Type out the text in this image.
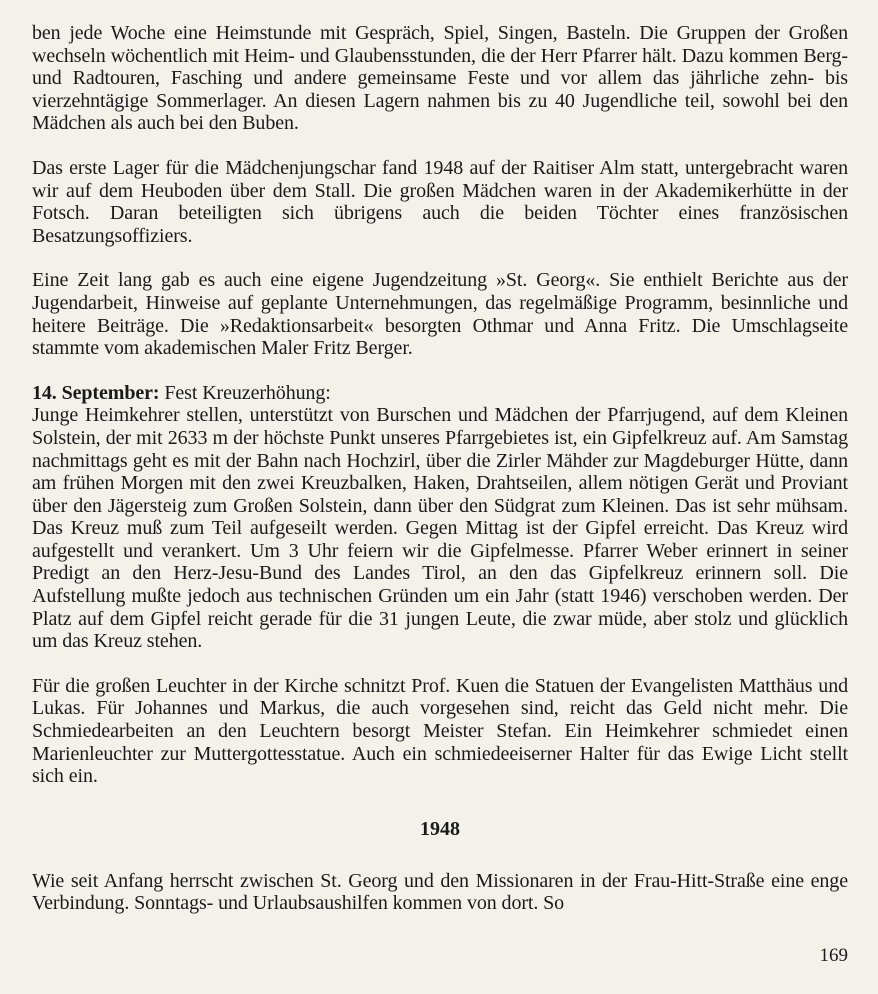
ben jede Woche eine Heimstunde mit Gespräch, Spiel, Singen, Basteln. Die Gruppen der Großen wechseln wöchentlich mit Heim- und Glaubensstunden, die der Herr Pfarrer hält. Dazu kommen Berg- und Radtouren, Fasching und andere gemeinsame Feste und vor allem das jährliche zehn- bis vierzehntägige Sommerlager. An diesen Lagern nahmen bis zu 40 Jugendliche teil, sowohl bei den Mädchen als auch bei den Buben.

Das erste Lager für die Mädchenjungschar fand 1948 auf der Raitiser Alm statt, untergebracht waren wir auf dem Heuboden über dem Stall. Die großen Mädchen waren in der Akademikerhütte in der Fotsch. Daran beteiligten sich übrigens auch die beiden Töchter eines französischen Besatzungsoffiziers.

Eine Zeit lang gab es auch eine eigene Jugendzeitung »St. Georg«. Sie enthielt Berichte aus der Jugendarbeit, Hinweise auf geplante Unternehmungen, das regelmäßige Programm, besinnliche und heitere Beiträge. Die »Redaktionsarbeit« besorgten Othmar und Anna Fritz. Die Umschlagseite stammte vom akademischen Maler Fritz Berger.

14. September: Fest Kreuzerhöhung:

Junge Heimkehrer stellen, unterstützt von Burschen und Mädchen der Pfarrjugend, auf dem Kleinen Solstein, der mit 2633 m der höchste Punkt unseres Pfarrgebietes ist, ein Gipfelkreuz auf. Am Samstag nachmittags geht es mit der Bahn nach Hochzirl, über die Zirler Mähder zur Magdeburger Hütte, dann am frühen Morgen mit den zwei Kreuzbalken, Haken, Drahtseilen, allem nötigen Gerät und Proviant über den Jägersteig zum Großen Solstein, dann über den Südgrat zum Kleinen. Das ist sehr mühsam. Das Kreuz muß zum Teil aufgeseilt werden. Gegen Mittag ist der Gipfel erreicht. Das Kreuz wird aufgestellt und verankert. Um 3 Uhr feiern wir die Gipfelmesse. Pfarrer Weber erinnert in seiner Predigt an den Herz-Jesu-Bund des Landes Tirol, an den das Gipfelkreuz erinnern soll. Die Aufstellung mußte jedoch aus technischen Gründen um ein Jahr (statt 1946) verschoben werden. Der Platz auf dem Gipfel reicht gerade für die 31 jungen Leute, die zwar müde, aber stolz und glücklich um das Kreuz stehen.

Für die großen Leuchter in der Kirche schnitzt Prof. Kuen die Statuen der Evangelisten Matthäus und Lukas. Für Johannes und Markus, die auch vorgesehen sind, reicht das Geld nicht mehr. Die Schmiedearbeiten an den Leuchtern besorgt Meister Stefan. Ein Heimkehrer schmiedet einen Marienleuchter zur Muttergottesstatue. Auch ein schmiedeeiserner Halter für das Ewige Licht stellt sich ein.

1948

Wie seit Anfang herrscht zwischen St. Georg und den Missionaren in der Frau-Hitt-Straße eine enge Verbindung. Sonntags- und Urlaubsaushilfen kommen von dort. So

169
